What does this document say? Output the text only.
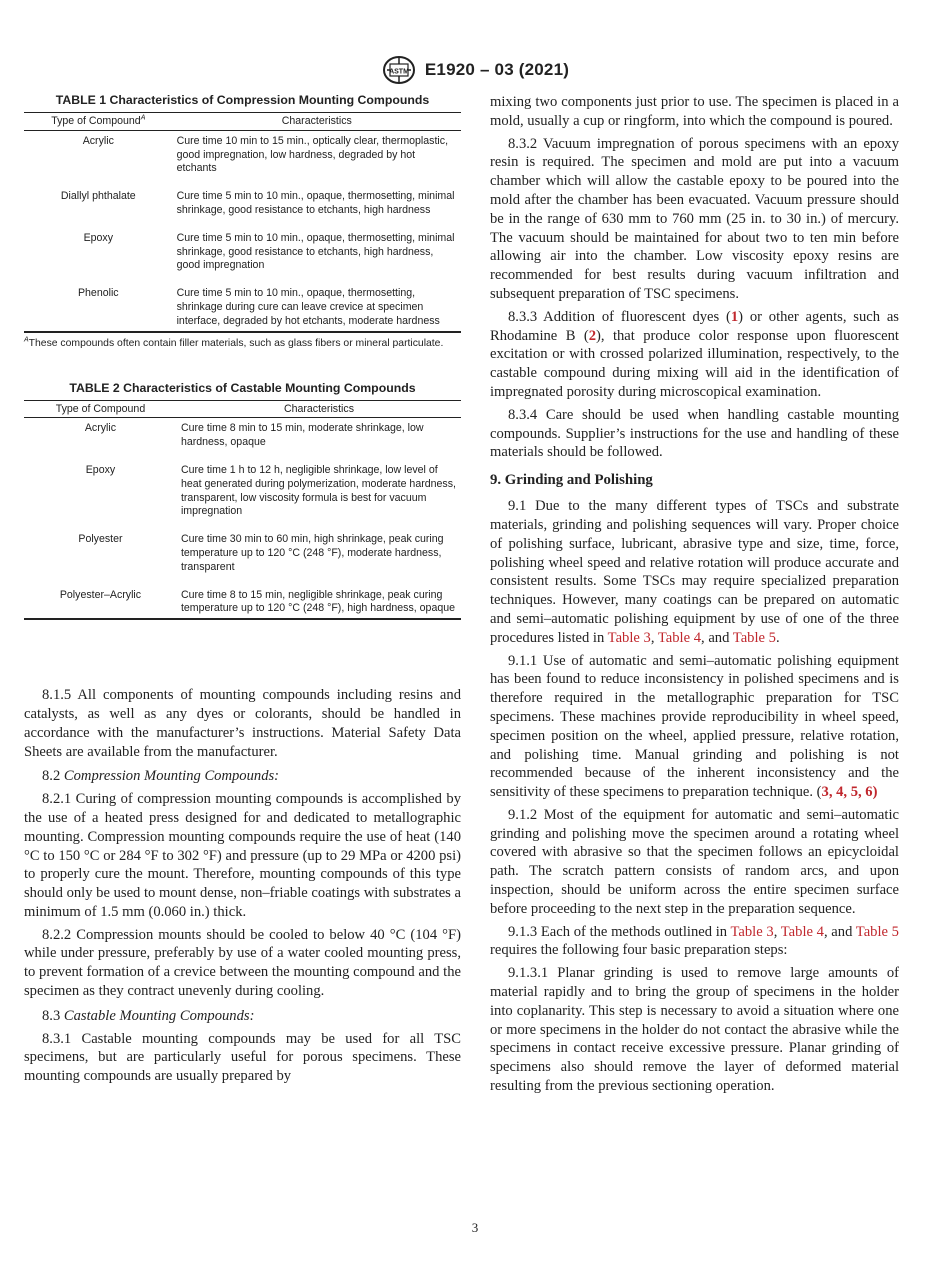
ASTM E1920 – 03 (2021)
TABLE 1 Characteristics of Compression Mounting Compounds
Type of Compound$^A$	Characteristics
Acrylic	Cure time 10 min to 15 min., optically clear, thermoplastic, good impregnation, low hardness, degraded by hot etchants
Diallyl phthalate	Cure time 5 min to 10 min., opaque, thermosetting, minimal shrinkage, good resistance to etchants, high hardness
Epoxy	Cure time 5 min to 10 min., opaque, thermosetting, minimal shrinkage, good resistance to etchants, high hardness, good impregnation
Phenolic	Cure time 5 min to 10 min., opaque, thermosetting, shrinkage during cure can leave crevice at specimen interface, degraded by hot etchants, moderate hardness
$^A$These compounds often contain filler materials, such as glass fibers or mineral particulate.
TABLE 2 Characteristics of Castable Mounting Compounds
Type of Compound	Characteristics
Acrylic	Cure time 8 min to 15 min, moderate shrinkage, low hardness, opaque
Epoxy	Cure time 1 h to 12 h, negligible shrinkage, low level of heat generated during polymerization, moderate hardness, transparent, low viscosity formula is best for vacuum impregnation
Polyester	Cure time 30 min to 60 min, high shrinkage, peak curing temperature up to 120 °C (248 °F), moderate hardness, transparent
Polyester–Acrylic	Cure time 8 to 15 min, negligible shrinkage, peak curing temperature up to 120 °C (248 °F), high hardness, opaque

8.1.5 All components of mounting compounds including resins and catalysts, as well as any dyes or colorants, should be handled in accordance with the manufacturer’s instructions. Material Safety Data Sheets are available from the manufacturer.

8.2 Compression Mounting Compounds:

8.2.1 Curing of compression mounting compounds is accomplished by the use of a heated press designed for and dedicated to metallographic mounting. Compression mounting compounds require the use of heat (140 °C to 150 °C or 284 °F to 302 °F) and pressure (up to 29 MPa or 4200 psi) to properly cure the mount. Therefore, mounting compounds of this type should only be used to mount dense, non–friable coatings with substrates a minimum of 1.5 mm (0.060 in.) thick.

8.2.2 Compression mounts should be cooled to below 40 °C (104 °F) while under pressure, preferably by use of a water cooled mounting press, to prevent formation of a crevice between the mounting compound and the specimen as they contract unevenly during cooling.

8.3 Castable Mounting Compounds:

8.3.1 Castable mounting compounds may be used for all TSC specimens, but are particularly useful for porous specimens. These mounting compounds are usually prepared by

mixing two components just prior to use. The specimen is placed in a mold, usually a cup or ringform, into which the compound is poured.

8.3.2 Vacuum impregnation of porous specimens with an epoxy resin is required. The specimen and mold are put into a vacuum chamber which will allow the castable epoxy to be poured into the mold after the chamber has been evacuated. Vacuum pressure should be in the range of 630 mm to 760 mm (25 in. to 30 in.) of mercury. The vacuum should be maintained for about two to ten min before allowing air into the chamber. Low viscosity epoxy resins are recommended for best results during vacuum infiltration and subsequent preparation of TSC specimens.

8.3.3 Addition of fluorescent dyes (1) or other agents, such as Rhodamine B (2), that produce color response upon fluorescent excitation or with crossed polarized illumination, respectively, to the castable compound during mixing will aid in the identification of impregnated porosity during microscopical examination.

8.3.4 Care should be used when handling castable mounting compounds. Supplier’s instructions for the use and handling of these materials should be followed.

9. Grinding and Polishing

9.1 Due to the many different types of TSCs and substrate materials, grinding and polishing sequences will vary. Proper choice of polishing surface, lubricant, abrasive type and size, time, force, polishing wheel speed and relative rotation will produce accurate and consistent results. Some TSCs may require specialized preparation techniques. However, many coatings can be prepared on automatic and semi–automatic polishing equipment by use of one of the three procedures listed in Table 3, Table 4, and Table 5.

9.1.1 Use of automatic and semi–automatic polishing equipment has been found to reduce inconsistency in polished specimens and is therefore required in the metallographic preparation for TSC specimens. These machines provide reproducibility in wheel speed, specimen position on the wheel, applied pressure, relative rotation, and polishing time. Manual grinding and polishing is not recommended because of the inherent inconsistency and the sensitivity of these specimens to preparation technique. (3, 4, 5, 6)

9.1.2 Most of the equipment for automatic and semi–automatic grinding and polishing move the specimen around a rotating wheel covered with abrasive so that the specimen follows an epicycloidal path. The scratch pattern consists of random arcs, and upon inspection, should be uniform across the entire specimen surface before proceeding to the next step in the preparation sequence.

9.1.3 Each of the methods outlined in Table 3, Table 4, and Table 5 requires the following four basic preparation steps:

9.1.3.1 Planar grinding is used to remove large amounts of material rapidly and to bring the group of specimens in the holder into coplanarity. This step is necessary to avoid a situation where one or more specimens in the holder do not contact the abrasive while the specimens in contact receive excessive pressure. Planar grinding of specimens also should remove the layer of deformed material resulting from the previous sectioning operation.

3
